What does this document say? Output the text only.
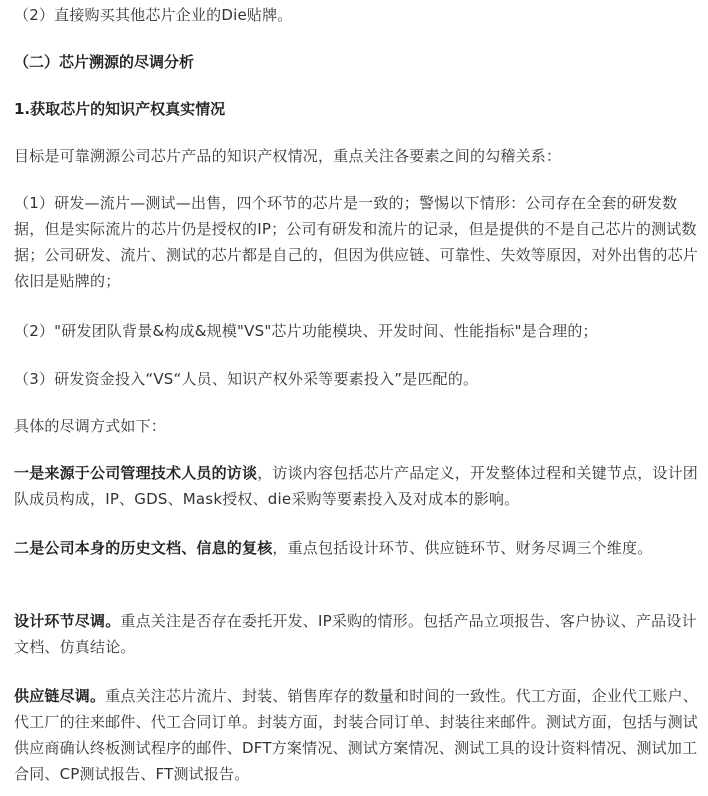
（2）直接购买其他芯片企业的Die贴牌。

（二）芯片溯源的尽调分析

1.获取芯片的知识产权真实情况

目标是可靠溯源公司芯片产品的知识产权情况，重点关注各要素之间的勾稽关系：

（1）研发—流片—测试—出售，四个环节的芯片是一致的；警惕以下情形：公司存在全套的研发数据，但是实际流片的芯片仍是授权的IP；公司有研发和流片的记录，但是提供的不是自己芯片的测试数据；公司研发、流片、测试的芯片都是自己的，但因为供应链、可靠性、失效等原因，对外出售的芯片依旧是贴牌的；

（2）"研发团队背景&构成&规模"VS"芯片功能模块、开发时间、性能指标"是合理的；

（3）研发资金投入“VS“人员、知识产权外采等要素投入”是匹配的。

具体的尽调方式如下：

一是来源于公司管理技术人员的访谈，访谈内容包括芯片产品定义，开发整体过程和关键节点，设计团队成员构成，IP、GDS、Mask授权、die采购等要素投入及对成本的影响。

二是公司本身的历史文档、信息的复核，重点包括设计环节、供应链环节、财务尽调三个维度。

设计环节尽调。重点关注是否存在委托开发、IP采购的情形。包括产品立项报告、客户协议、产品设计文档、仿真结论。

供应链尽调。重点关注芯片流片、封装、销售库存的数量和时间的一致性。代工方面，企业代工账户、代工厂的往来邮件、代工合同订单。封装方面，封装合同订单、封装往来邮件。测试方面，包括与测试供应商确认终板测试程序的邮件、DFT方案情况、测试方案情况、测试工具的设计资料情况、测试加工合同、CP测试报告、FT测试报告。
